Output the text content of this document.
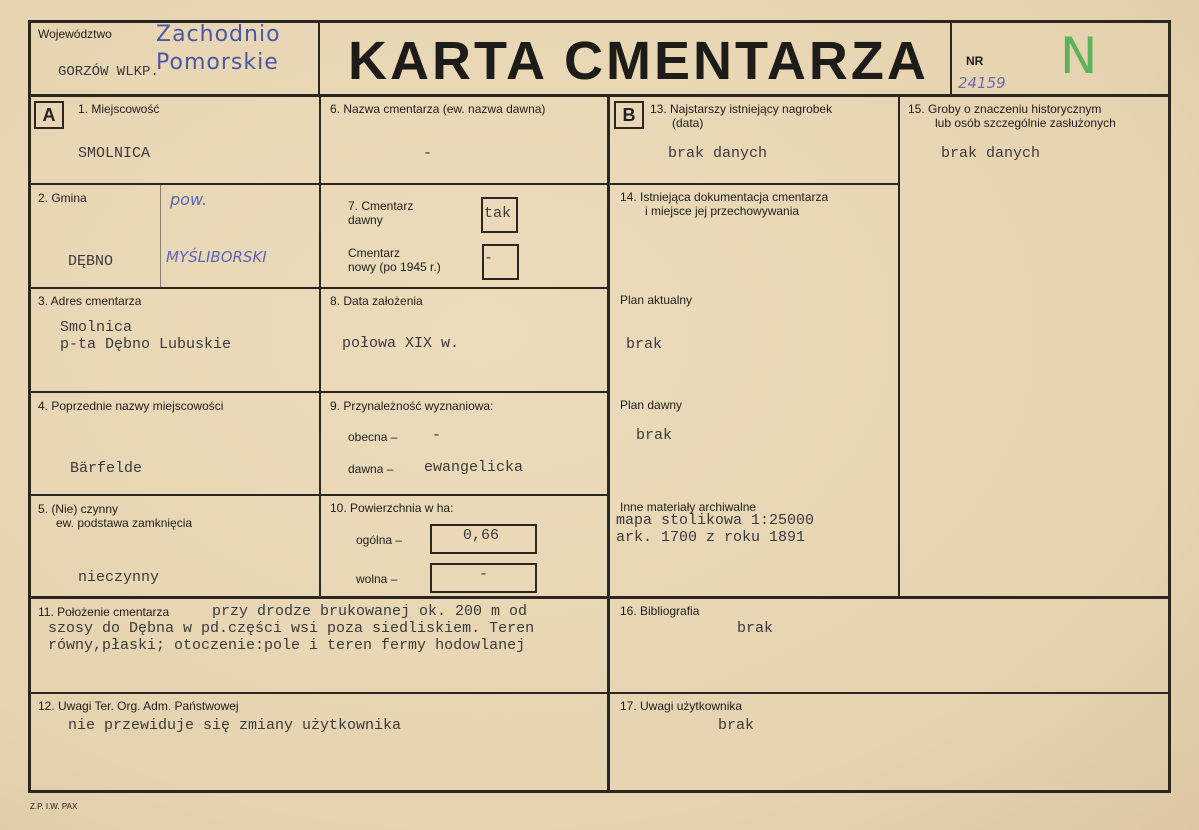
Województwo
GORZÓW WLKP.
Zachodnio
Pomorskie KARTA CMENTARZA	NR
24159 N
A	B
1. Miejscowość
SMOLNICA
2. Gmina	pow.
DĘBNO	MYŚLIBORSKI
3. Adres cmentarza
Smolnica
p-ta Dębno Lubuskie
4. Poprzednie nazwy miejscowości
Bärfelde
5. (Nie) czynny
ew. podstawa zamknięcia
nieczynny
6. Nazwa cmentarza (ew. nazwa dawna)
-
7. Cmentarz
dawny	tak
Cmentarz
nowy (po 1945 r.)	-
8. Data założenia
połowa XIX w.
9. Przynależność wyznaniowa:
obecna – -
dawna – ewangelicka
10. Powierzchnia w ha:
ogólna –	0,66
wolna –	-
13. Najstarszy istniejący nagrobek
(data)
brak danych
14. Istniejąca dokumentacja cmentarza
i miejsce jej przechowywania
Plan aktualny
brak
Plan dawny
brak
Inne materiały archiwalne
mapa stolikowa 1:25000
ark. 1700 z roku 1891
15. Groby o znaczeniu historycznym
lub osób szczególnie zasłużonych
brak danych
11. Położenie cmentarza	przy drodze brukowanej ok. 200 m od
szosy do Dębna w pd.części wsi poza siedliskiem. Teren
równy,płaski; otoczenie:pole i teren fermy hodowlanej
16. Bibliografia
brak
12. Uwagi Ter. Org. Adm. Państwowej
nie przewiduje się zmiany użytkownika
17. Uwagi użytkownika
brak
Z.P. I.W. PAX
